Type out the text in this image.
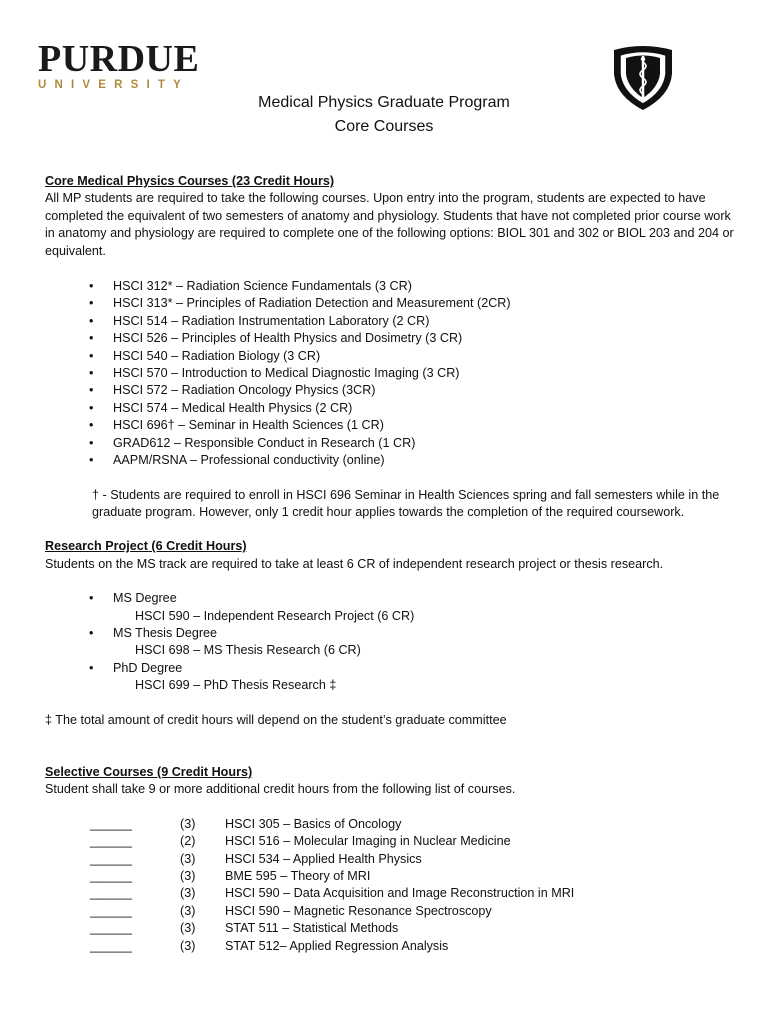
PURDUE
UNIVERSITY
Medical Physics Graduate Program
Core Courses
Core Medical Physics Courses (23 Credit Hours)

All MP students are required to take the following courses. Upon entry into the program, students are expected to have completed the equivalent of two semesters of anatomy and physiology. Students that have not completed prior course work in anatomy and physiology are required to complete one of the following options: BIOL 301 and 302 or BIOL 203 and 204 or equivalent.

• HSCI 312* – Radiation Science Fundamentals (3 CR)
• HSCI 313* – Principles of Radiation Detection and Measurement (2CR)
• HSCI 514 – Radiation Instrumentation Laboratory (2 CR)
• HSCI 526 – Principles of Health Physics and Dosimetry (3 CR)
• HSCI 540 – Radiation Biology (3 CR)
• HSCI 570 – Introduction to Medical Diagnostic Imaging (3 CR)
• HSCI 572 – Radiation Oncology Physics (3CR)
• HSCI 574 – Medical Health Physics (2 CR)
• HSCI 696† – Seminar in Health Sciences (1 CR)
• GRAD612 – Responsible Conduct in Research (1 CR)
• AAPM/RSNA – Professional conductivity (online)

† - Students are required to enroll in HSCI 696 Seminar in Health Sciences spring and fall semesters while in the graduate program. However, only 1 credit hour applies towards the completion of the required coursework.

Research Project (6 Credit Hours)

Students on the MS track are required to take at least 6 CR of independent research project or thesis research.

• MS Degree
HSCI 590 – Independent Research Project (6 CR)
• MS Thesis Degree
HSCI 698 – MS Thesis Research (6 CR)
• PhD Degree
HSCI 699 – PhD Thesis Research ‡

‡ The total amount of credit hours will depend on the student’s graduate committee

Selective Courses (9 Credit Hours)

Student shall take 9 or more additional credit hours from the following list of courses.

______	(3)	HSCI 305 – Basics of Oncology
______	(2)	HSCI 516 – Molecular Imaging in Nuclear Medicine
______	(3)	HSCI 534 – Applied Health Physics
______	(3)	BME 595 – Theory of MRI
______	(3)	HSCI 590 – Data Acquisition and Image Reconstruction in MRI
______	(3)	HSCI 590 – Magnetic Resonance Spectroscopy
______	(3)	STAT 511 – Statistical Methods
______	(3)	STAT 512– Applied Regression Analysis
